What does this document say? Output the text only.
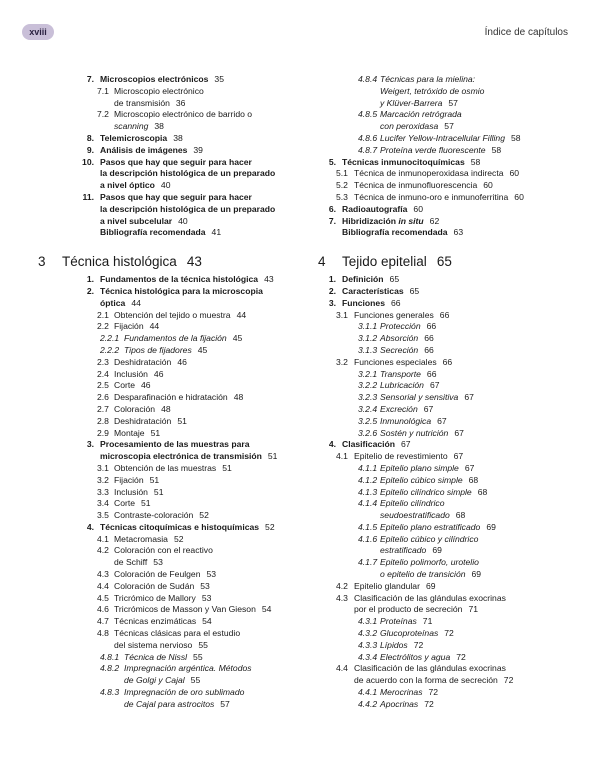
xviii	Índice de capítulos
7. Microscopios electrónicos 35
7.1 Microscopio electrónico
de transmisión 36
7.2 Microscopio electrónico de barrido o
scanning 38
8. Telemicroscopia 38
9. Análisis de imágenes 39
10. Pasos que hay que seguir para hacer
la descripción histológica de un preparado
a nivel óptico 40
11. Pasos que hay que seguir para hacer
la descripción histológica de un preparado
a nivel subcelular 40
Bibliografía recomendada 41
3 Técnica histológica 43
1. Fundamentos de la técnica histológica 43
2. Técnica histológica para la microscopia
óptica 44
2.1 Obtención del tejido o muestra 44
2.2 Fijación 44
2.2.1 Fundamentos de la fijación 45
2.2.2 Tipos de fijadores 45
2.3 Deshidratación 46
2.4 Inclusión 46
2.5 Corte 46
2.6 Desparafinación e hidratación 48
2.7 Coloración 48
2.8 Deshidratación 51
2.9 Montaje 51
3. Procesamiento de las muestras para
microscopia electrónica de transmisión 51
3.1 Obtención de las muestras 51
3.2 Fijación 51
3.3 Inclusión 51
3.4 Corte 51
3.5 Contraste-coloración 52
4. Técnicas citoquímicas e histoquímicas 52
4.1 Metacromasia 52
4.2 Coloración con el reactivo
de Schiff 53
4.3 Coloración de Feulgen 53
4.4 Coloración de Sudán 53
4.5 Tricrómico de Mallory 53
4.6 Tricrómicos de Masson y Van Gieson 54
4.7 Técnicas enzimáticas 54
4.8 Técnicas clásicas para el estudio
del sistema nervioso 55
4.8.1 Técnica de Nissl 55
4.8.2 Impregnación argéntica. Métodos
de Golgi y Cajal 55
4.8.3 Impregnación de oro sublimado
de Cajal para astrocitos 57
4.8.4 Técnicas para la mielina:
Weigert, tetróxido de osmio
y Klüver-Barrera 57
4.8.5 Marcación retrógrada
con peroxidasa 57
4.8.6 Lucifer Yellow-Intracellular Filling 58
4.8.7 Proteína verde fluorescente 58
5. Técnicas inmunocitoquímicas 58
5.1 Técnica de inmunoperoxidasa indirecta 60
5.2 Técnica de inmunofluorescencia 60
5.3 Técnica de inmuno-oro e inmunoferritina 60
6. Radioautografía 60
7. Hibridización in situ 62
Bibliografía recomendada 63
4 Tejido epitelial 65
1. Definición 65
2. Características 65
3. Funciones 66
3.1 Funciones generales 66
3.1.1 Protección 66
3.1.2 Absorción 66
3.1.3 Secreción 66
3.2 Funciones especiales 66
3.2.1 Transporte 66
3.2.2 Lubricación 67
3.2.3 Sensorial y sensitiva 67
3.2.4 Excreción 67
3.2.5 Inmunológica 67
3.2.6 Sostén y nutrición 67
4. Clasificación 67
4.1 Epitelio de revestimiento 67
4.1.1 Epitelio plano simple 67
4.1.2 Epitelio cúbico simple 68
4.1.3 Epitelio cilíndrico simple 68
4.1.4 Epitelio cilíndrico
seudoestratificado 68
4.1.5 Epitelio plano estratificado 69
4.1.6 Epitelio cúbico y cilíndrico
estratificado 69
4.1.7 Epitelio polimorfo, urotelio
o epitelio de transición 69
4.2 Epitelio glandular 69
4.3 Clasificación de las glándulas exocrinas
por el producto de secreción 71
4.3.1 Proteínas 71
4.3.2 Glucoproteínas 72
4.3.3 Lípidos 72
4.3.4 Electrólitos y agua 72
4.4 Clasificación de las glándulas exocrinas
de acuerdo con la forma de secreción 72
4.4.1 Merocrinas 72
4.4.2 Apocrinas 72
